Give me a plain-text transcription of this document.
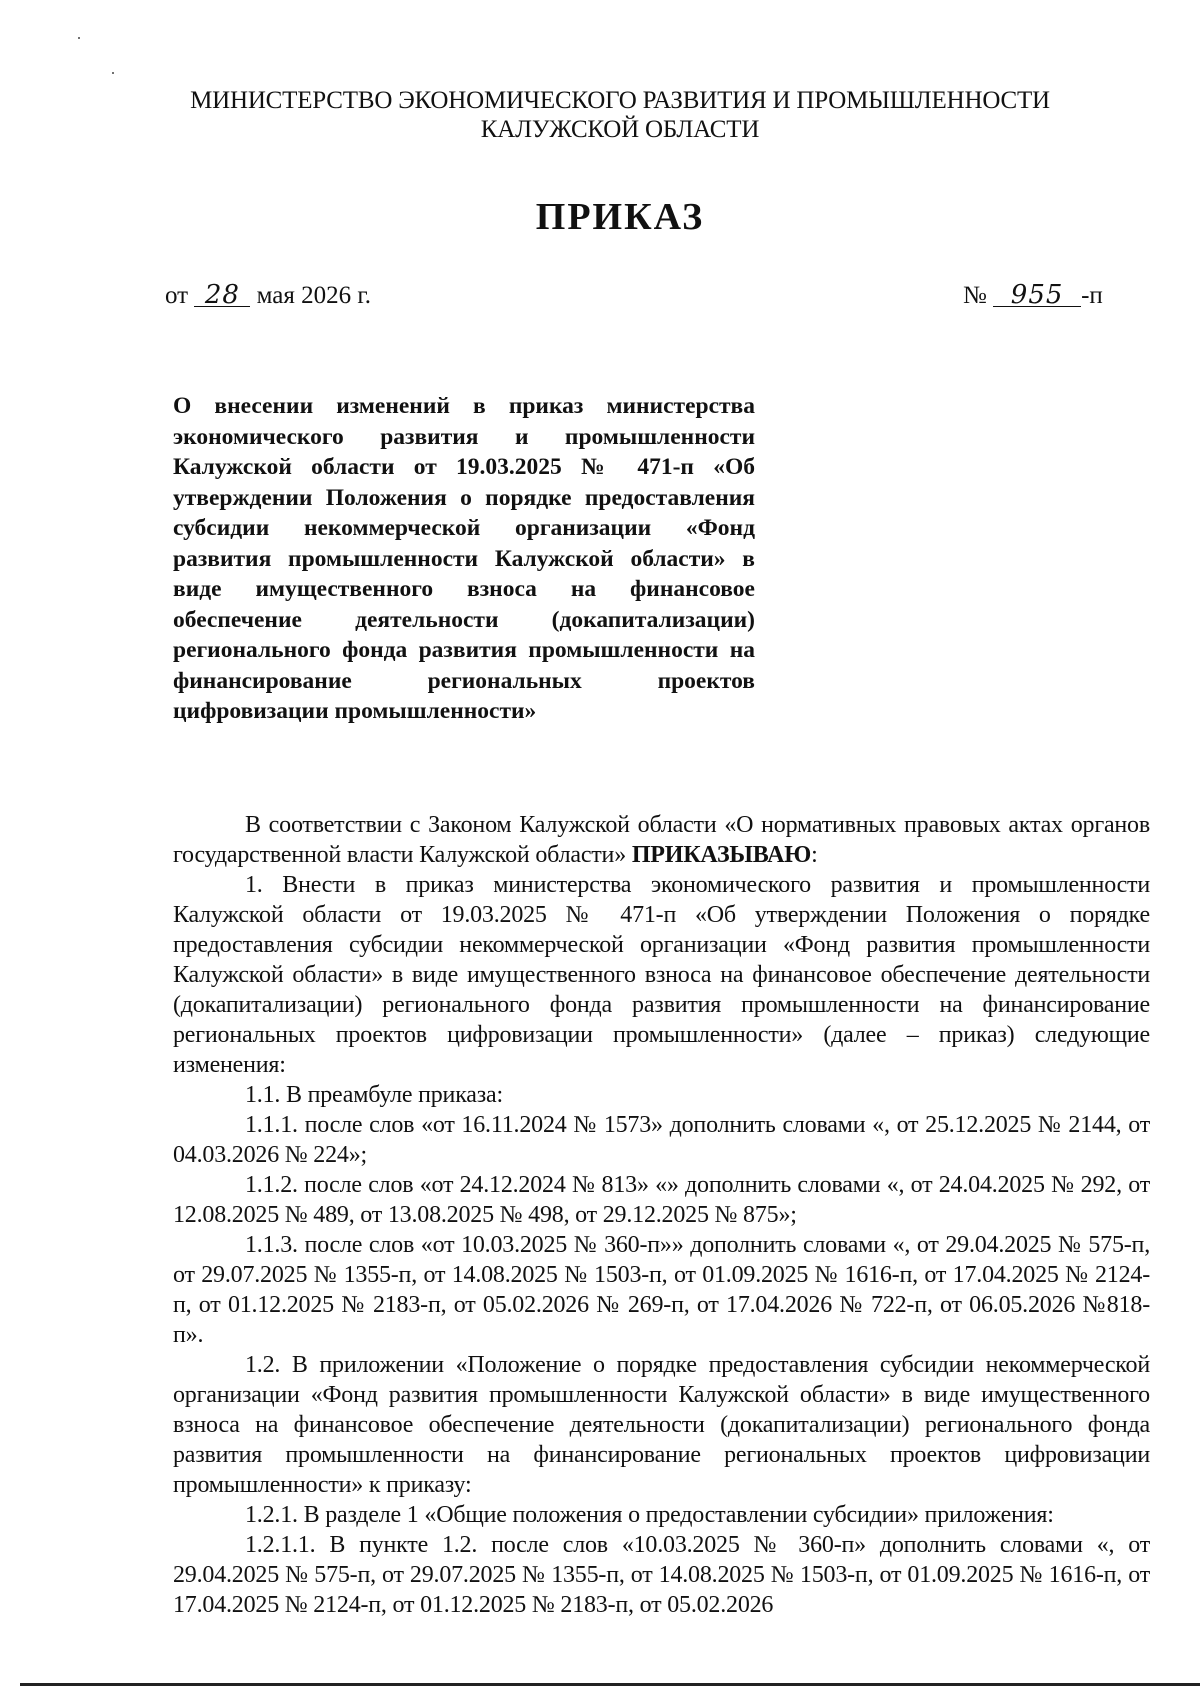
МИНИСТЕРСТВО ЭКОНОМИЧЕСКОГО РАЗВИТИЯ И ПРОМЫШЛЕННОСТИ
КАЛУЖСКОЙ ОБЛАСТИ
ПРИКАЗ
от 28 мая 2026 г.	№ 955 -п
О внесении изменений в приказ министерства экономического развития и промышленности Калужской области от 19.03.2025 № 471-п «Об утверждении Положения о порядке предоставления субсидии некоммерческой организации «Фонд развития промышленности Калужской области» в виде имущественного взноса на финансовое обеспечение деятельности (докапитализации) регионального фонда развития промышленности на финансирование региональных проектов цифровизации промышленности»

В соответствии с Законом Калужской области «О нормативных правовых актах органов государственной власти Калужской области» ПРИКАЗЫВАЮ:

1. Внести в приказ министерства экономического развития и промышленности Калужской области от 19.03.2025 № 471-п «Об утверждении Положения о порядке предоставления субсидии некоммерческой организации «Фонд развития промышленности Калужской области» в виде имущественного взноса на финансовое обеспечение деятельности (докапитализации) регионального фонда развития промышленности на финансирование региональных проектов цифровизации промышленности» (далее – приказ) следующие изменения:

1.1. В преамбуле приказа:

1.1.1. после слов «от 16.11.2024 № 1573» дополнить словами «, от 25.12.2025 № 2144, от 04.03.2026 № 224»;

1.1.2. после слов «от 24.12.2024 № 813» «» дополнить словами «, от 24.04.2025 № 292, от 12.08.2025 № 489, от 13.08.2025 № 498, от 29.12.2025 № 875»;

1.1.3. после слов «от 10.03.2025 № 360-п»» дополнить словами «, от 29.04.2025 № 575-п, от 29.07.2025 № 1355-п, от 14.08.2025 № 1503-п, от 01.09.2025 № 1616-п, от 17.04.2025 № 2124-п, от 01.12.2025 № 2183-п, от 05.02.2026 № 269-п, от 17.04.2026 № 722-п, от 06.05.2026 №818-п».

1.2. В приложении «Положение о порядке предоставления субсидии некоммерческой организации «Фонд развития промышленности Калужской области» в виде имущественного взноса на финансовое обеспечение деятельности (докапитализации) регионального фонда развития промышленности на финансирование региональных проектов цифровизации промышленности» к приказу:

1.2.1. В разделе 1 «Общие положения о предоставлении субсидии» приложения:

1.2.1.1. В пункте 1.2. после слов «10.03.2025 № 360-п» дополнить словами «, от 29.04.2025 № 575-п, от 29.07.2025 № 1355-п, от 14.08.2025 № 1503-п, от 01.09.2025 № 1616-п, от 17.04.2025 № 2124-п, от 01.12.2025 № 2183-п, от 05.02.2026
